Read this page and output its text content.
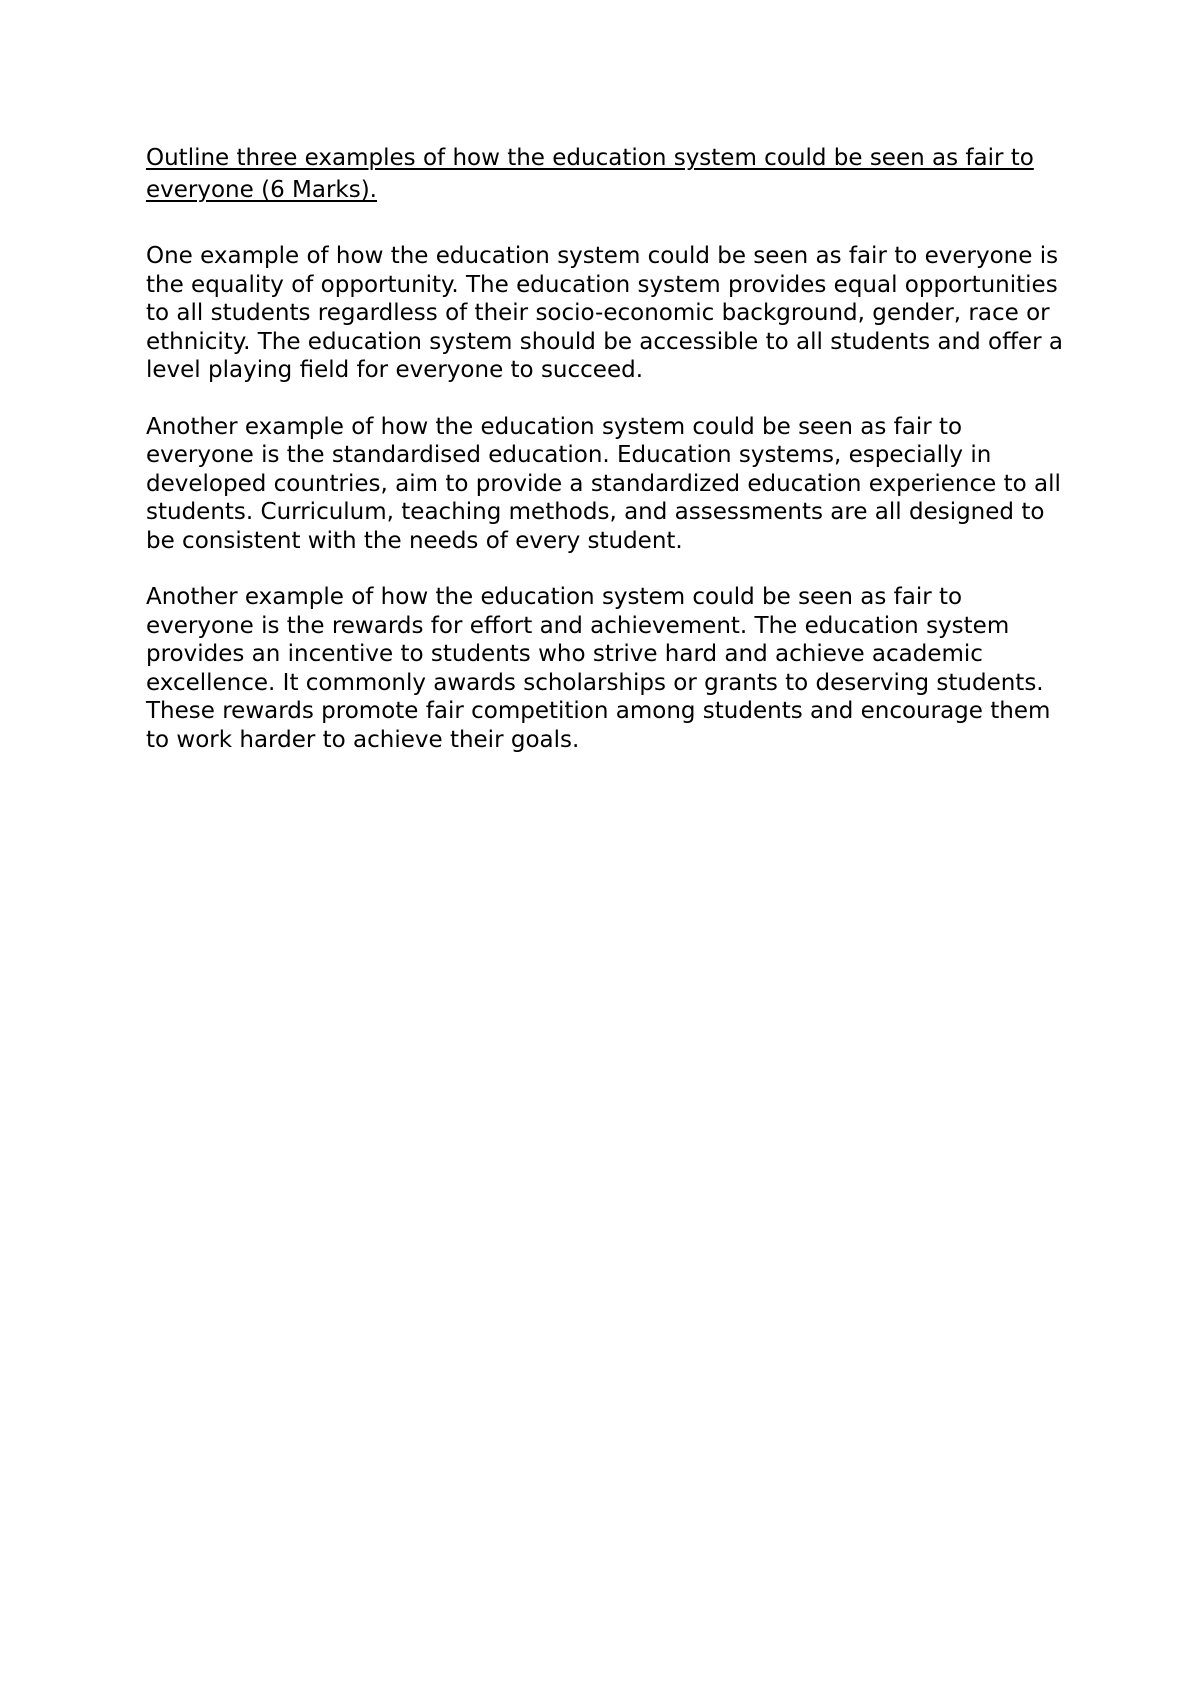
Outline three examples of how the education system could be seen as fair to everyone (6 Marks).

One example of how the education system could be seen as fair to everyone is the equality of opportunity. The education system provides equal opportunities to all students regardless of their socio-economic background, gender, race or ethnicity. The education system should be accessible to all students and offer a level playing field for everyone to succeed.

Another example of how the education system could be seen as fair to everyone is the standardised education. Education systems, especially in developed countries, aim to provide a standardized education experience to all students. Curriculum, teaching methods, and assessments are all designed to be consistent with the needs of every student.

Another example of how the education system could be seen as fair to everyone is the rewards for effort and achievement. The education system provides an incentive to students who strive hard and achieve academic excellence. It commonly awards scholarships or grants to deserving students. These rewards promote fair competition among students and encourage them to work harder to achieve their goals.
